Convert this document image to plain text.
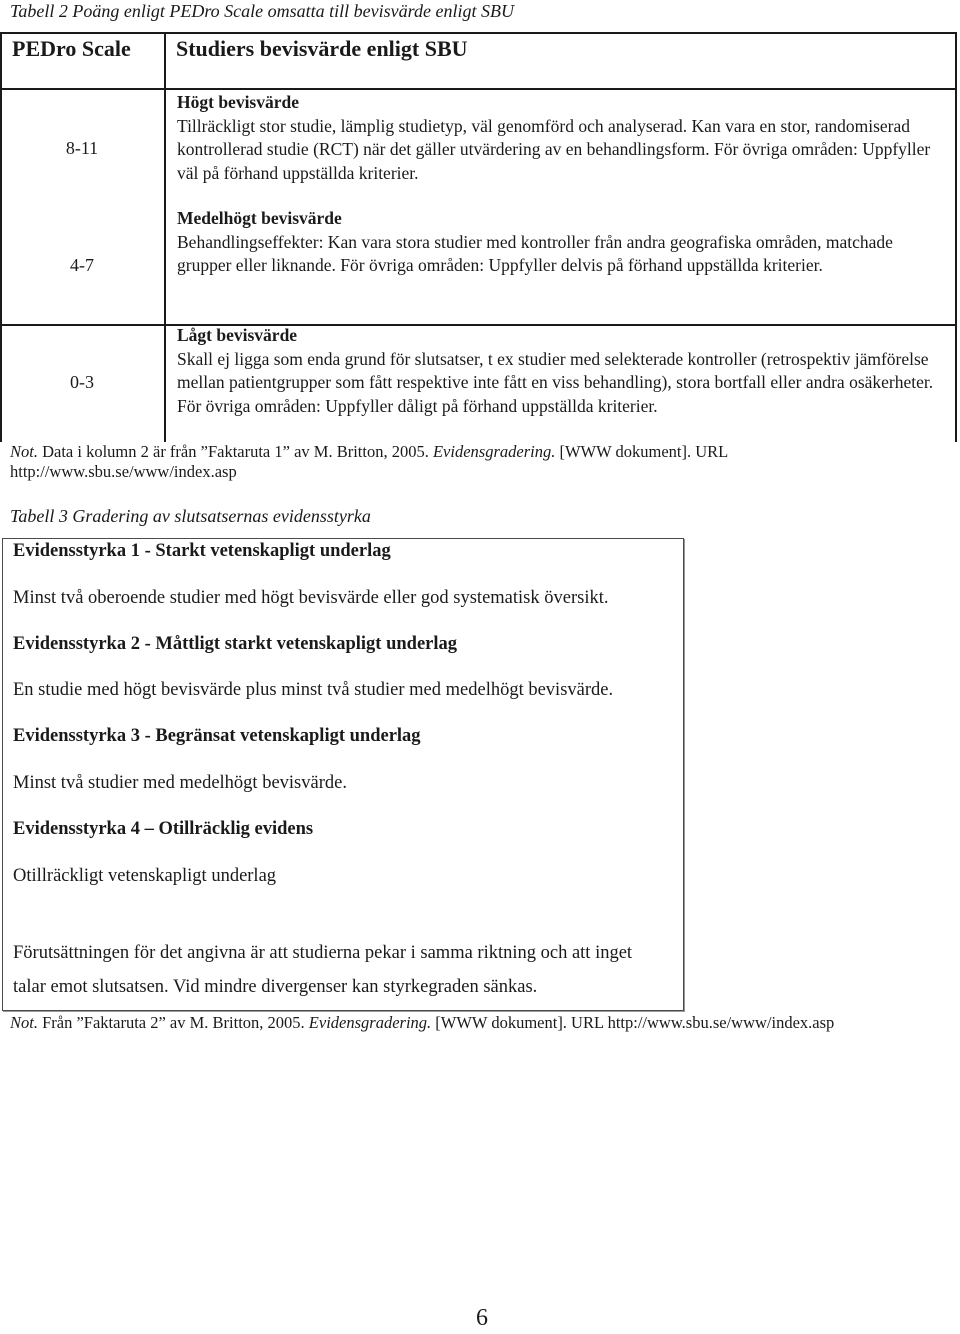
Tabell 2 Poäng enligt PEDro Scale omsatta till bevisvärde enligt SBU
PEDro Scale Studiers bevisvärde enligt SBU
8-11
4-7
0-3
Högt bevisvärde
Tillräckligt stor studie, lämplig studietyp, väl genomförd och analyserad. Kan vara en stor, randomiserad kontrollerad studie (RCT) när det gäller utvärdering av en behandlingsform. För övriga områden: Uppfyller väl på förhand uppställda kriterier.
Medelhögt bevisvärde
Behandlingseffekter: Kan vara stora studier med kontroller från andra geografiska områden, matchade grupper eller liknande. För övriga områden: Uppfyller delvis på förhand uppställda kriterier.
Lågt bevisvärde
Skall ej ligga som enda grund för slutsatser, t ex studier med selekterade kontroller (retrospektiv jämförelse mellan patientgrupper som fått respektive inte fått en viss behandling), stora bortfall eller andra osäkerheter. För övriga områden: Uppfyller dåligt på förhand uppställda kriterier.
Not. Data i kolumn 2 är från ”Faktaruta 1” av M. Britton, 2005. Evidensgradering. [WWW dokument]. URL
http://www.sbu.se/www/index.asp
Tabell 3 Gradering av slutsatsernas evidensstyrka
Evidensstyrka 1 - Starkt vetenskapligt underlag
Minst två oberoende studier med högt bevisvärde eller god systematisk översikt.
Evidensstyrka 2 - Måttligt starkt vetenskapligt underlag
En studie med högt bevisvärde plus minst två studier med medelhögt bevisvärde.
Evidensstyrka 3 - Begränsat vetenskapligt underlag
Minst två studier med medelhögt bevisvärde.
Evidensstyrka 4 – Otillräcklig evidens
Otillräckligt vetenskapligt underlag
Förutsättningen för det angivna är att studierna pekar i samma riktning och att inget talar emot slutsatsen. Vid mindre divergenser kan styrkegraden sänkas.
Not. Från ”Faktaruta 2” av M. Britton, 2005. Evidensgradering. [WWW dokument]. URL http://www.sbu.se/www/index.asp
6
